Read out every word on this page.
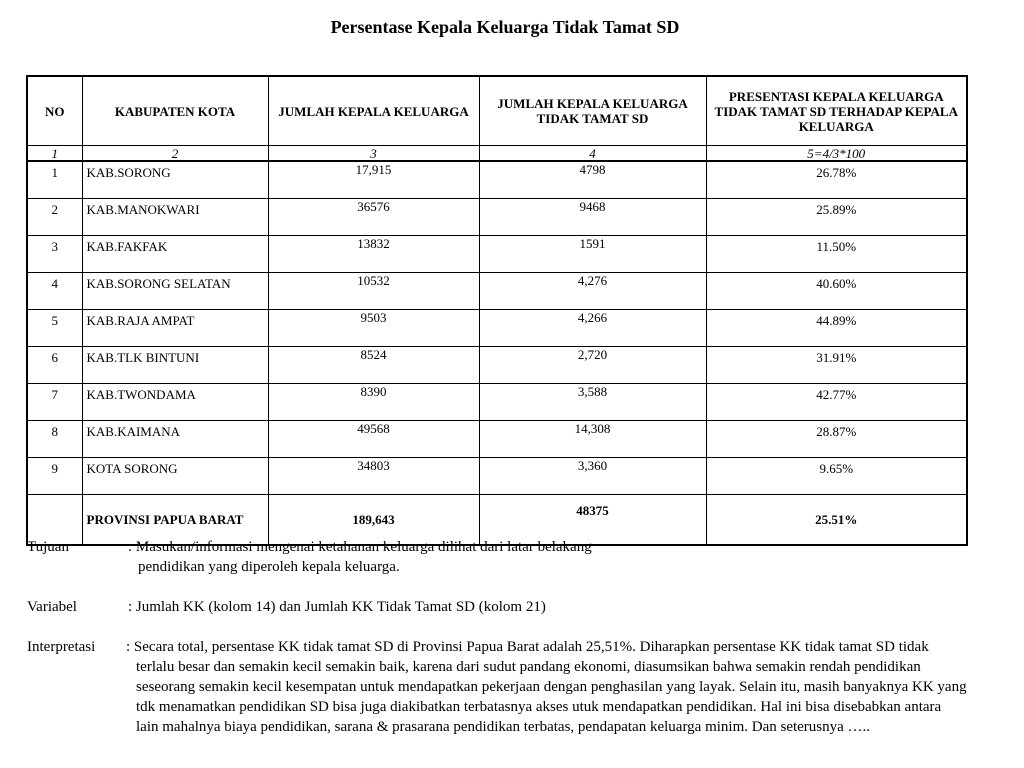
Persentase Kepala Keluarga Tidak Tamat SD
NO	KABUPATEN KOTA	JUMLAH KEPALA KELUARGA	JUMLAH KEPALA KELUARGA TIDAK TAMAT SD	PRESENTASI KEPALA KELUARGA TIDAK TAMAT SD TERHADAP KEPALA KELUARGA
1	2	3	4	5=4/3*100
1	KAB.SORONG	17,915	4798	26.78%
2	KAB.MANOKWARI	36576	9468	25.89%
3	KAB.FAKFAK	13832	1591	11.50%
4	KAB.SORONG SELATAN	10532	4,276	40.60%
5	KAB.RAJA AMPAT	9503	4,266	44.89%
6	KAB.TLK BINTUNI	8524	2,720	31.91%
7	KAB.TWONDAMA	8390	3,588	42.77%
8	KAB.KAIMANA	49568	14,308	28.87%
9	KOTA SORONG	34803	3,360	9.65%
	PROVINSI PAPUA BARAT	189,643	48375	25.51%
Tujuan	: Masukan/informasi mengenai ketahanan keluarga dilihat dari latar belakang pendidikan yang diperoleh kepala keluarga.
Variabel	: Jumlah KK (kolom 14) dan Jumlah KK Tidak Tamat SD (kolom 21)
Interpretasi : Secara total, persentase KK tidak tamat SD di Provinsi Papua Barat adalah 25,51%. Diharapkan persentase KK tidak tamat SD tidak terlalu besar dan semakin kecil semakin baik, karena dari sudut pandang ekonomi, diasumsikan bahwa semakin rendah pendidikan seseorang semakin kecil kesempatan untuk mendapatkan pekerjaan dengan penghasilan yang layak. Selain itu, masih banyaknya KK yang tdk menamatkan pendidikan SD bisa juga diakibatkan terbatasnya akses utuk mendapatkan pendidikan. Hal ini bisa disebabkan antara lain mahalnya biaya pendidikan, sarana & prasarana pendidikan terbatas, pendapatan keluarga minim. Dan seterusnya …..
